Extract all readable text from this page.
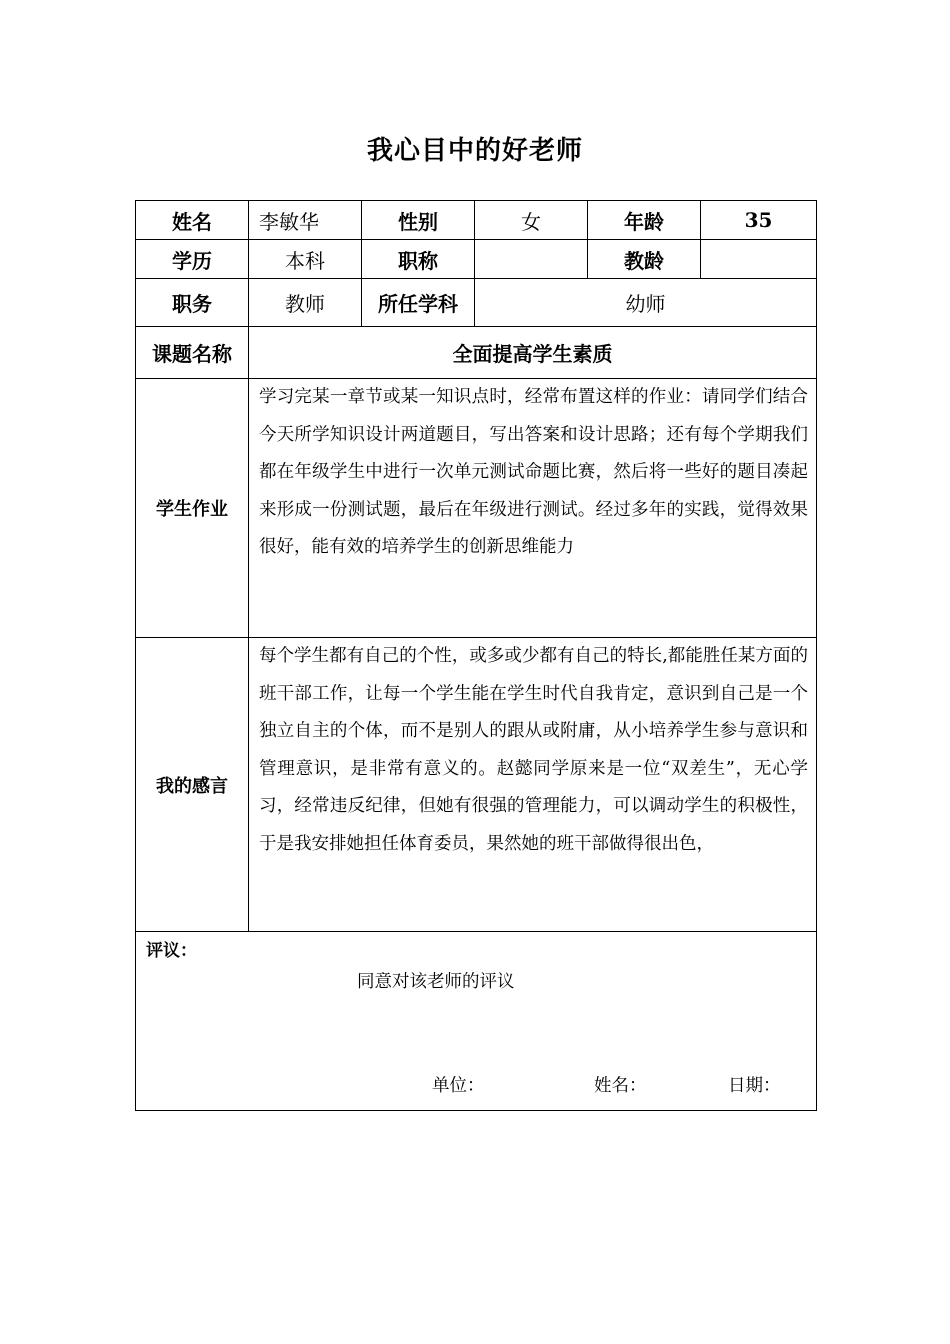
我心目中的好老师
姓名	李敏华	性别	女	年龄	35
学历	本科	职称		教龄	
职务	教师	所任学科	幼师		
课题名称	全面提高学生素质				
学生作业	学习完某一章节或某一知识点时，经常布置这样的作业：请同学们结合今天所学知识设计两道题目，写出答案和设计思路；还有每个学期我们都在年级学生中进行一次单元测试命题比赛，然后将一些好的题目凑起来形成一份测试题，最后在年级进行测试。经过多年的实践，觉得效果很好，能有效的培养学生的创新思维能力				

我的感言	每个学生都有自己的个性，或多或少都有自己的特长,都能胜任某方面的班干部工作，让每一个学生能在学生时代自我肯定，意识到自己是一个独立自主的个体，而不是别人的跟从或附庸，从小培养学生参与意识和管理意识，是非常有意义的。赵懿同学原来是一位“双差生”，无心学习，经常违反纪律，但她有很强的管理能力，可以调动学生的积极性，于是我安排她担任体育委员，果然她的班干部做得很出色，				

评议：
同意对该老师的评议
单位： 姓名： 日期：					
